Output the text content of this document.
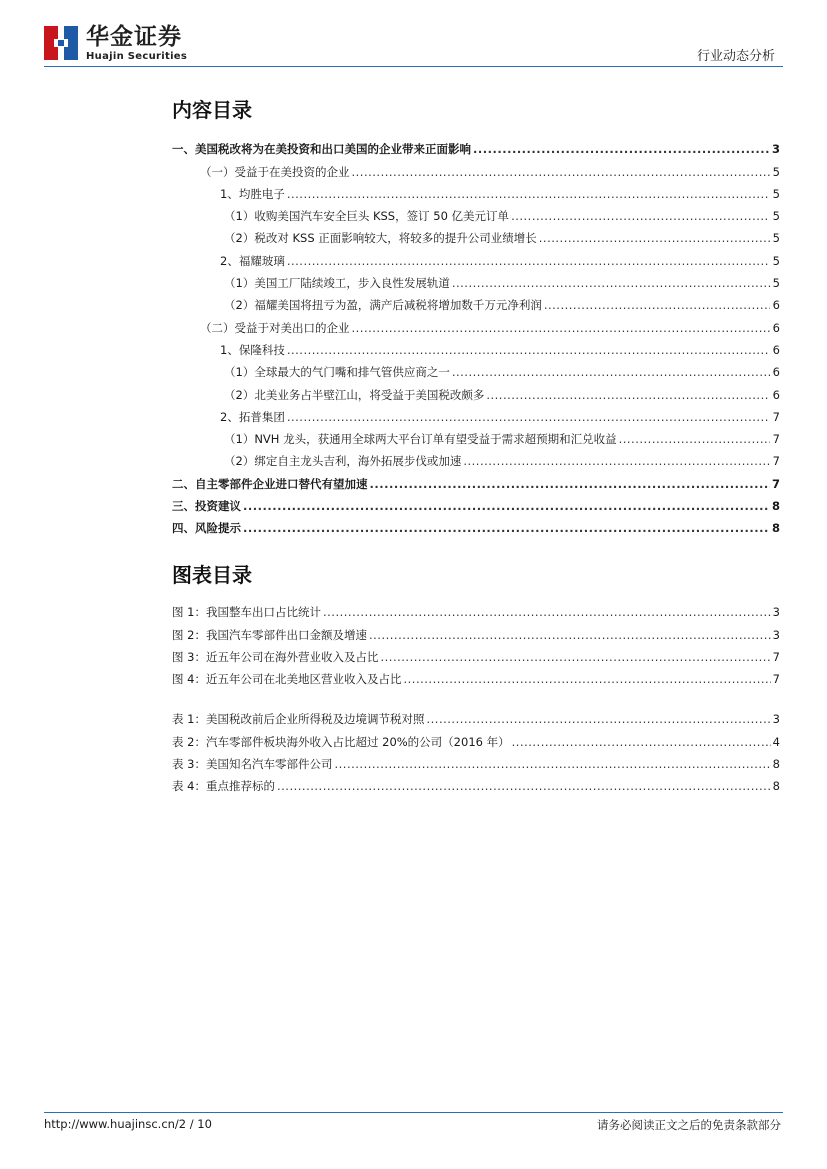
华金证券
Huajin Securities	行业动态分析
内容目录
一、美国税改将为在美投资和出口美国的企业带来正面影响 .....	3
（一）受益于在美投资的企业 .....	5
1、均胜电子 .....	5
（1）收购美国汽车安全巨头 KSS，签订 50 亿美元订单 .....	5
（2）税改对 KSS 正面影响较大，将较多的提升公司业绩增长 .....	5
2、福耀玻璃 .....	5
（1）美国工厂陆续竣工，步入良性发展轨道 .....	5
（2）福耀美国将扭亏为盈，满产后减税将增加数千万元净利润 .....	6
（二）受益于对美出口的企业 .....	6
1、保隆科技 .....	6
（1）全球最大的气门嘴和排气管供应商之一 .....	6
（2）北美业务占半壁江山，将受益于美国税改颇多 .....	6
2、拓普集团 .....	7
（1）NVH 龙头，获通用全球两大平台订单有望受益于需求超预期和汇兑收益 .....	7
（2）绑定自主龙头吉利，海外拓展步伐或加速 .....	7
二、自主零部件企业进口替代有望加速 .....	7
三、投资建议 .....	8
四、风险提示 .....	8
图表目录
图 1：我国整车出口占比统计 .....	3
图 2：我国汽车零部件出口金额及增速 .....	3
图 3：近五年公司在海外营业收入及占比 .....	7
图 4：近五年公司在北美地区营业收入及占比 .....	7
表 1：美国税改前后企业所得税及边境调节税对照 .....	3
表 2：汽车零部件板块海外收入占比超过 20%的公司（2016 年） .....	4
表 3：美国知名汽车零部件公司 .....	8
表 4：重点推荐标的 .....	8
http://www.huajinsc.cn/2 / 10	请务必阅读正文之后的免责条款部分
